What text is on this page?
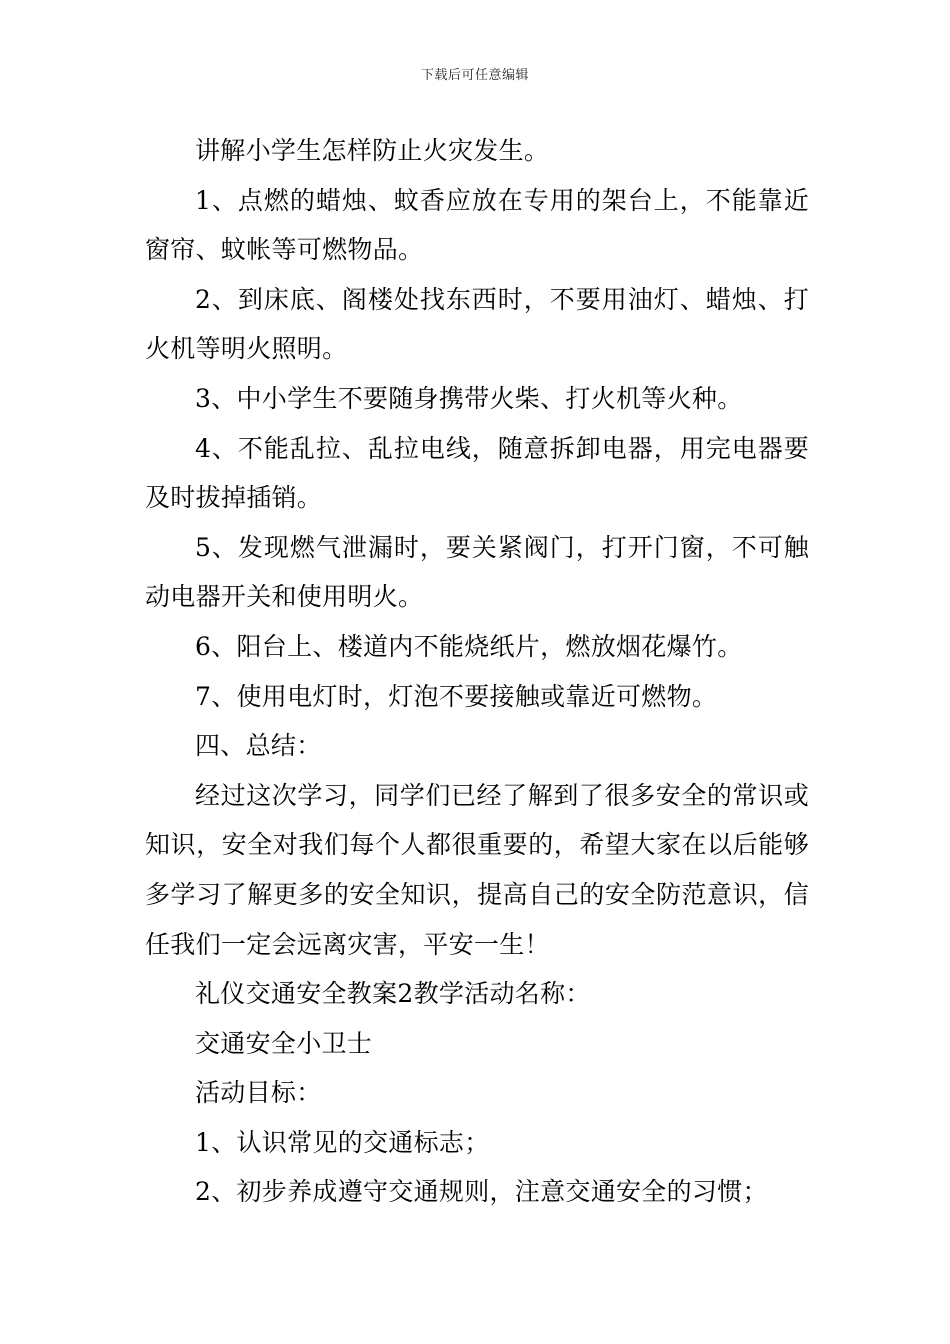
下载后可任意编辑

讲解小学生怎样防止火灾发生。

1、点燃的蜡烛、蚊香应放在专用的架台上，不能靠近窗帘、蚊帐等可燃物品。

2、到床底、阁楼处找东西时，不要用油灯、蜡烛、打火机等明火照明。

3、中小学生不要随身携带火柴、打火机等火种。

4、不能乱拉、乱拉电线，随意拆卸电器，用完电器要及时拔掉插销。

5、发现燃气泄漏时，要关紧阀门，打开门窗，不可触动电器开关和使用明火。

6、阳台上、楼道内不能烧纸片，燃放烟花爆竹。

7、使用电灯时，灯泡不要接触或靠近可燃物。

四、总结：

经过这次学习，同学们已经了解到了很多安全的常识或知识，安全对我们每个人都很重要的，希望大家在以后能够多学习了解更多的安全知识，提高自己的安全防范意识，信任我们一定会远离灾害，平安一生！

礼仪交通安全教案2教学活动名称：

交通安全小卫士

活动目标：

1、认识常见的交通标志；

2、初步养成遵守交通规则，注意交通安全的习惯；
